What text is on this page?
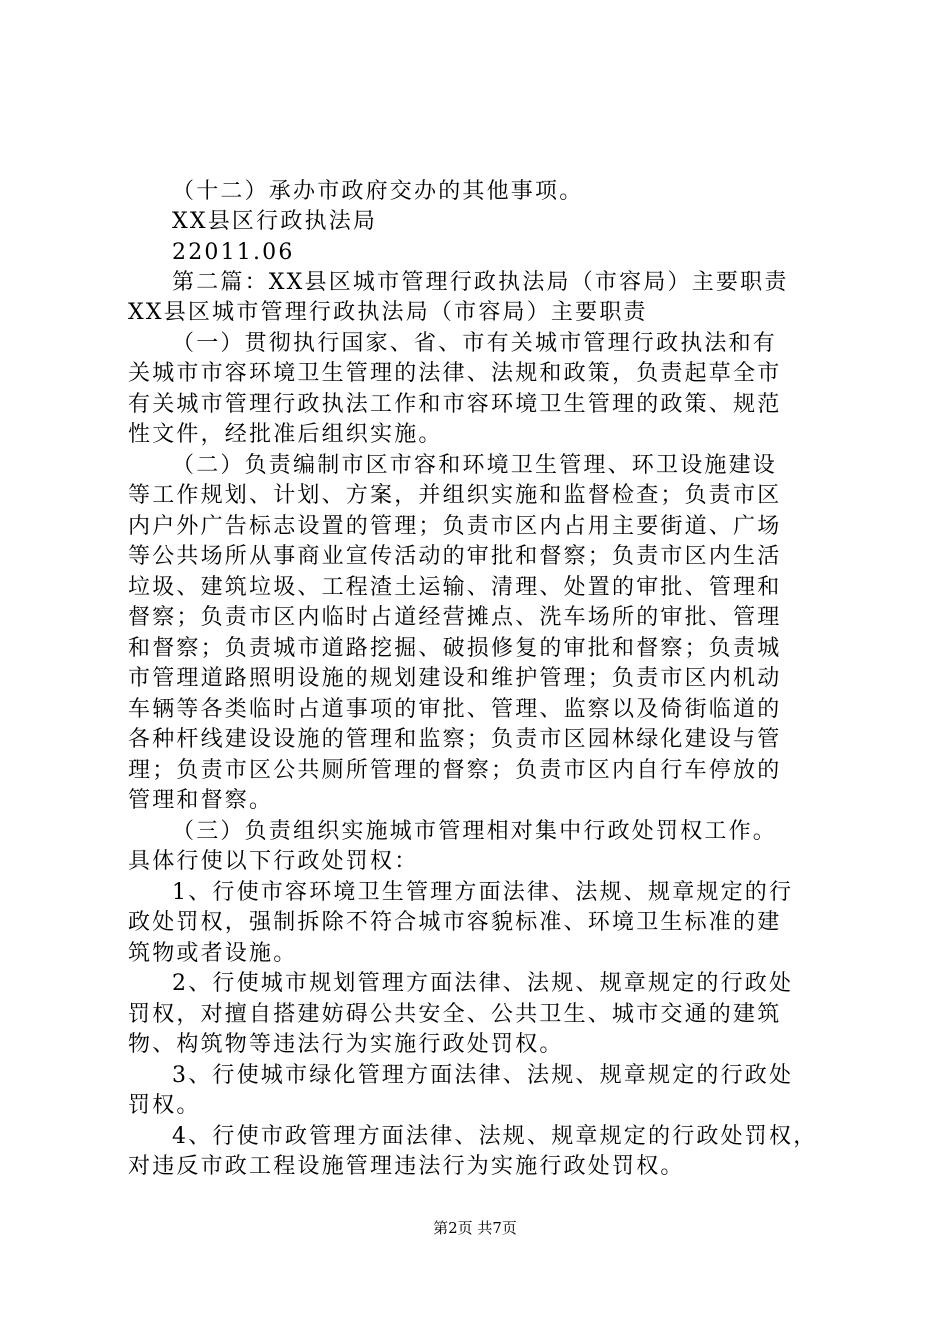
（十二）承办市政府交办的其他事项。
XX县区行政执法局
22011.06
第二篇：XX县区城市管理行政执法局（市容局）主要职责
XX县区城市管理行政执法局（市容局）主要职责
（一）贯彻执行国家、省、市有关城市管理行政执法和有
关城市市容环境卫生管理的法律、法规和政策，负责起草全市
有关城市管理行政执法工作和市容环境卫生管理的政策、规范
性文件，经批准后组织实施。
（二）负责编制市区市容和环境卫生管理、环卫设施建设
等工作规划、计划、方案，并组织实施和监督检查；负责市区
内户外广告标志设置的管理；负责市区内占用主要街道、广场
等公共场所从事商业宣传活动的审批和督察；负责市区内生活
垃圾、建筑垃圾、工程渣土运输、清理、处置的审批、管理和
督察；负责市区内临时占道经营摊点、洗车场所的审批、管理
和督察；负责城市道路挖掘、破损修复的审批和督察；负责城
市管理道路照明设施的规划建设和维护管理；负责市区内机动
车辆等各类临时占道事项的审批、管理、监察以及倚街临道的
各种杆线建设设施的管理和监察；负责市区园林绿化建设与管
理；负责市区公共厕所管理的督察；负责市区内自行车停放的
管理和督察。
（三）负责组织实施城市管理相对集中行政处罚权工作。
具体行使以下行政处罚权：
1、行使市容环境卫生管理方面法律、法规、规章规定的行
政处罚权，强制拆除不符合城市容貌标准、环境卫生标准的建
筑物或者设施。
2、行使城市规划管理方面法律、法规、规章规定的行政处
罚权，对擅自搭建妨碍公共安全、公共卫生、城市交通的建筑
物、构筑物等违法行为实施行政处罚权。
3、行使城市绿化管理方面法律、法规、规章规定的行政处
罚权。
4、行使市政管理方面法律、法规、规章规定的行政处罚权，
对违反市政工程设施管理违法行为实施行政处罚权。
第2页 共7页
